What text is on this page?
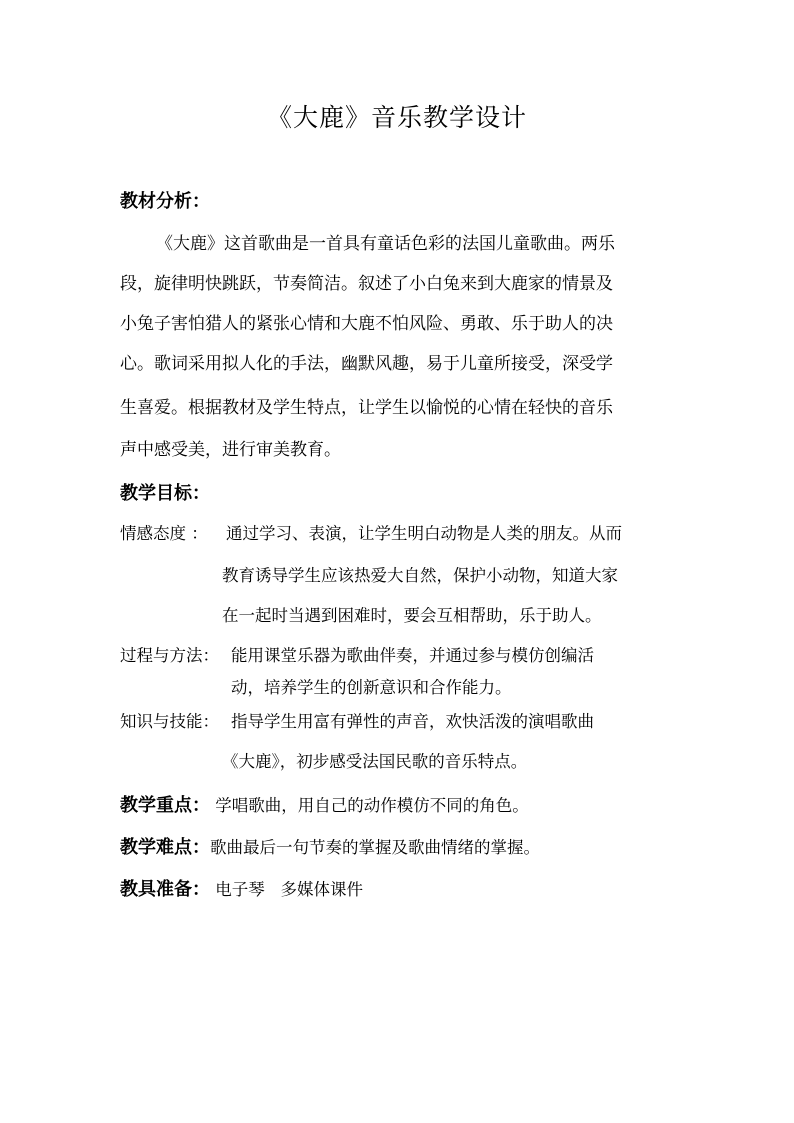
《大鹿》音乐教学设计
教材分析：
《大鹿》这首歌曲是一首具有童话色彩的法国儿童歌曲。两乐
段，旋律明快跳跃，节奏简洁。叙述了小白兔来到大鹿家的情景及
小兔子害怕猎人的紧张心情和大鹿不怕风险、勇敢、乐于助人的决
心。歌词采用拟人化的手法，幽默风趣，易于儿童所接受，深受学
生喜爱。根据教材及学生特点，让学生以愉悦的心情在轻快的音乐
声中感受美，进行审美教育。
教学目标：
情感态度 ： 通过学习、表演，让学生明白动物是人类的朋友。从而
教育诱导学生应该热爱大自然，保护小动物，知道大家
在一起时当遇到困难时，要会互相帮助，乐于助人。
过程与方法： 能用课堂乐器为歌曲伴奏，并通过参与模仿创编活
动，培养学生的创新意识和合作能力。
知识与技能： 指导学生用富有弹性的声音，欢快活泼的演唱歌曲
《大鹿》，初步感受法国民歌的音乐特点。
教学重点： 学唱歌曲，用自己的动作模仿不同的角色。
教学难点：歌曲最后一句节奏的掌握及歌曲情绪的掌握。
教具准备： 电子琴   多媒体课件
